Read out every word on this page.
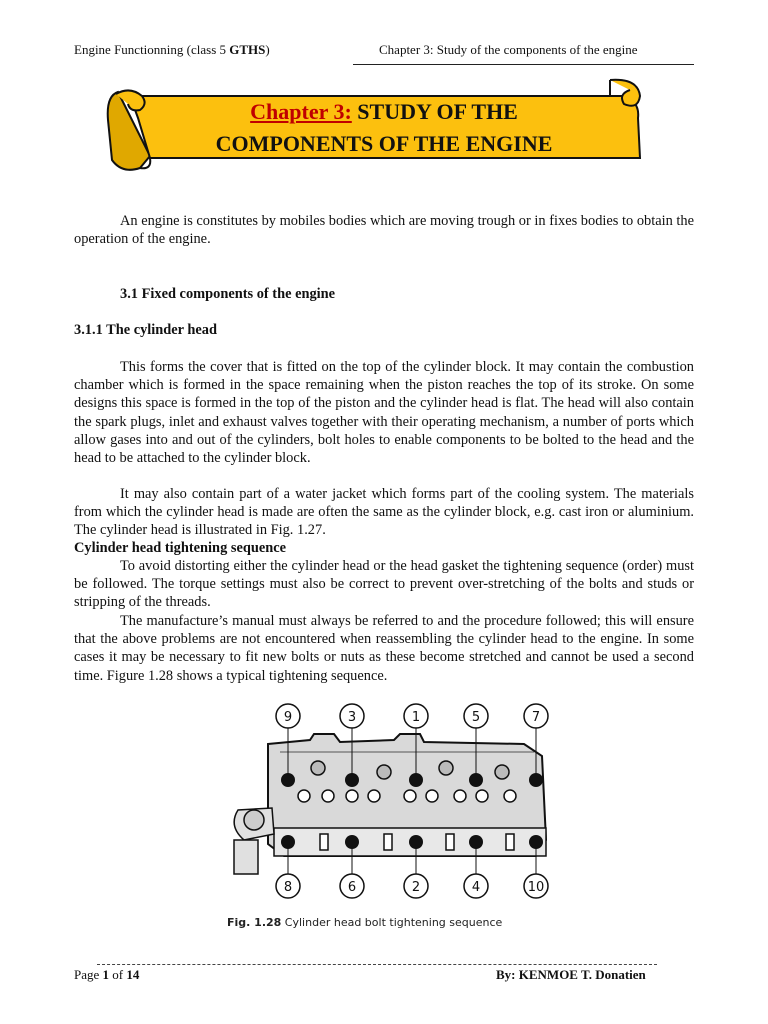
Engine Functionning (class 5 GTHS)	Chapter 3: Study of the components of the engine
Chapter 3: STUDY OF THE
COMPONENTS OF THE ENGINE
An engine is constitutes by mobiles bodies which are moving trough or in fixes bodies to obtain the operation of the engine.
3.1 Fixed components of the engine
3.1.1 The cylinder head
This forms the cover that is fitted on the top of the cylinder block. It may contain the combustion chamber which is formed in the space remaining when the piston reaches the top of its stroke. On some designs this space is formed in the top of the piston and the cylinder head is flat. The head will also contain the spark plugs, inlet and exhaust valves together with their operating mechanism, a number of ports which allow gases into and out of the cylinders, bolt holes to enable components to be bolted to the head and the head to be attached to the cylinder block.
It may also contain part of a water jacket which forms part of the cooling system. The materials from which the cylinder head is made are often the same as the cylinder block, e.g. cast iron or aluminium. The cylinder head is illustrated in Fig. 1.27.
Cylinder head tightening sequence
To avoid distorting either the cylinder head or the head gasket the tightening sequence (order) must be followed. The torque settings must also be correct to prevent over-stretching of the bolts and studs or stripping of the threads.
The manufacture’s manual must always be referred to and the procedure followed; this will ensure that the above problems are not encountered when reassembling the cylinder head to the engine. In some cases it may be necessary to fit new bolts or nuts as these become stretched and cannot be used a second time. Figure 1.28 shows a typical tightening sequence.
9	3	1	5	7
8	6	2	4	10
Fig. 1.28 Cylinder head bolt tightening sequence
Page 1 of 14	By: KENMOE T. Donatien
